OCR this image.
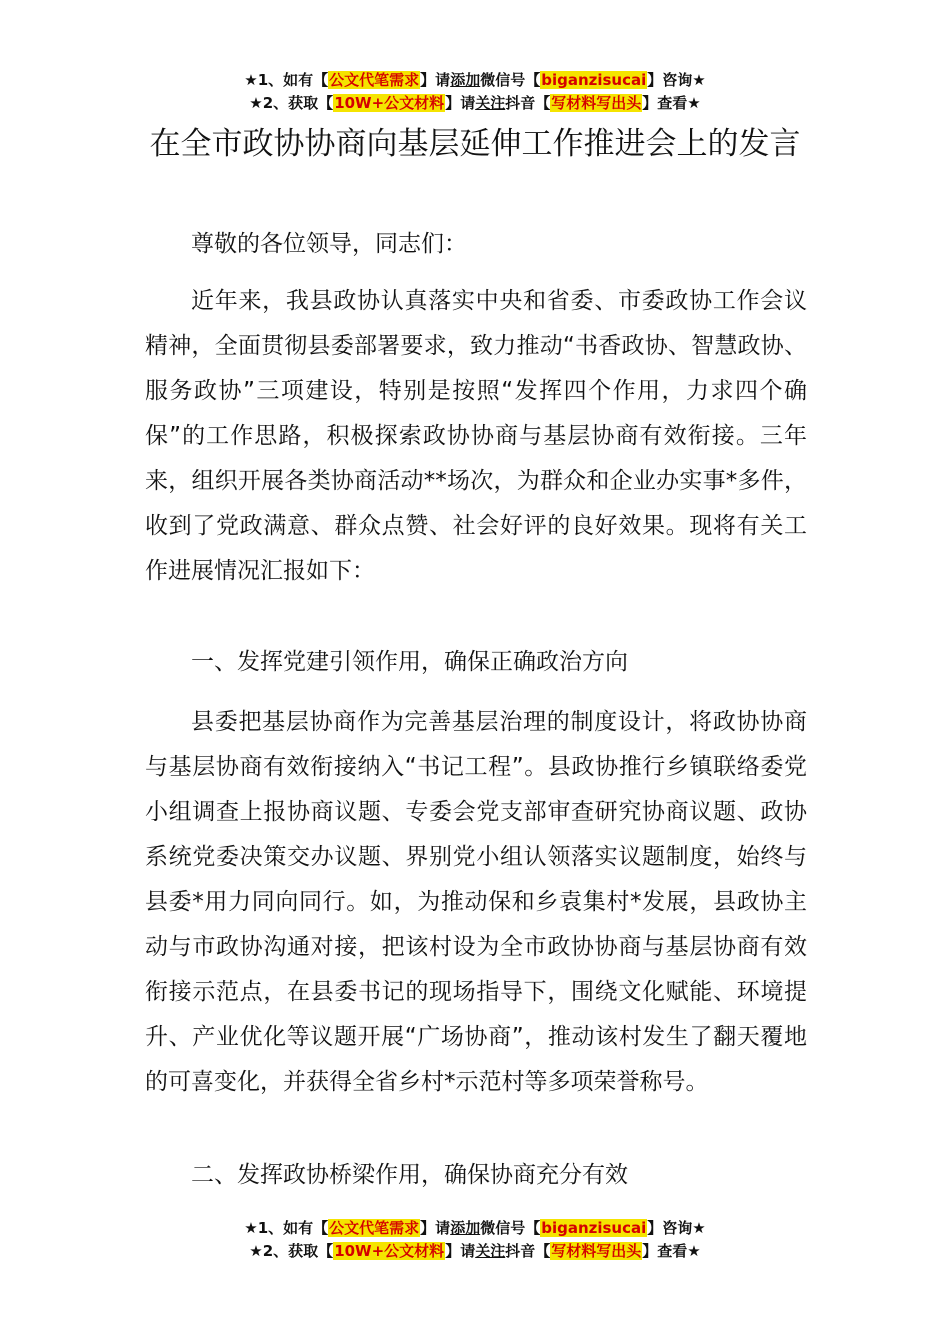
★1、如有【公文代笔需求】请添加微信号【biganzisucai】咨询★
★2、获取【10W+公文材料】请关注抖音【写材料写出头】查看★
在全市政协协商向基层延伸工作推进会上的发言

尊敬的各位领导，同志们：

近年来，我县政协认真落实中央和省委、市委政协工作会议精神，全面贯彻县委部署要求，致力推动“书香政协、智慧政协、服务政协”三项建设，特别是按照“发挥四个作用，力求四个确保”的工作思路，积极探索政协协商与基层协商有效衔接。三年来，组织开展各类协商活动**场次，为群众和企业办实事*多件，收到了党政满意、群众点赞、社会好评的良好效果。现将有关工作进展情况汇报如下：

一、发挥党建引领作用，确保正确政治方向

县委把基层协商作为完善基层治理的制度设计，将政协协商与基层协商有效衔接纳入“书记工程”。县政协推行乡镇联络委党小组调查上报协商议题、专委会党支部审查研究协商议题、政协系统党委决策交办议题、界别党小组认领落实议题制度，始终与县委*用力同向同行。如，为推动保和乡袁集村*发展，县政协主动与市政协沟通对接，把该村设为全市政协协商与基层协商有效衔接示范点，在县委书记的现场指导下，围绕文化赋能、环境提升、产业优化等议题开展“广场协商”，推动该村发生了翻天覆地的可喜变化，并获得全省乡村*示范村等多项荣誉称号。

二、发挥政协桥梁作用，确保协商充分有效

★1、如有【公文代笔需求】请添加微信号【biganzisucai】咨询★
★2、获取【10W+公文材料】请关注抖音【写材料写出头】查看★
